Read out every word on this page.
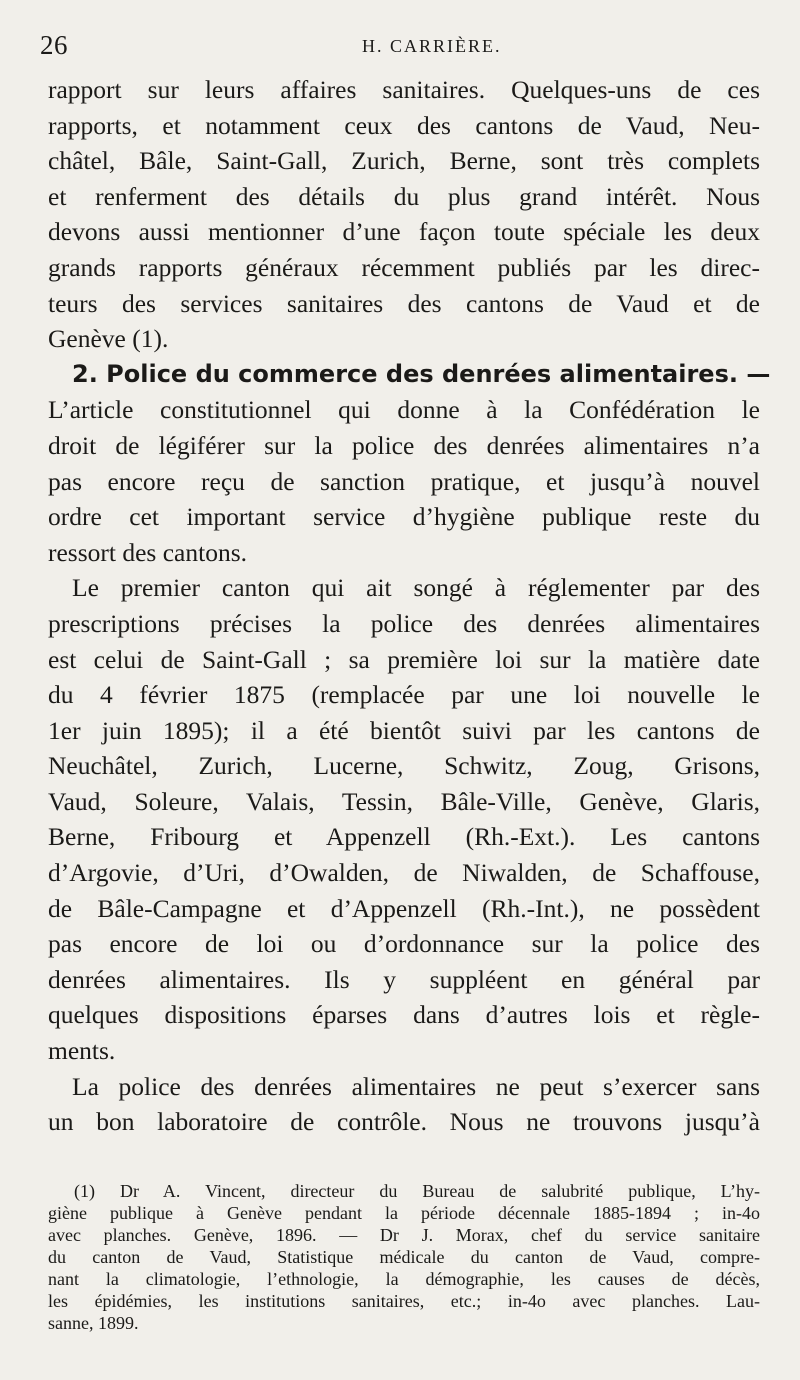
26	H. CARRIÈRE.
rapport sur leurs affaires sanitaires. Quelques-uns de ces
rapports, et notamment ceux des cantons de Vaud, Neu-
châtel, Bâle, Saint-Gall, Zurich, Berne, sont très complets
et renferment des détails du plus grand intérêt. Nous
devons aussi mentionner d’une façon toute spéciale les deux
grands rapports généraux récemment publiés par les direc-
teurs des services sanitaires des cantons de Vaud et de
Genève (1).
2. Police du commerce des denrées alimentaires. —
L’article constitutionnel qui donne à la Confédération le
droit de légiférer sur la police des denrées alimentaires n’a
pas encore reçu de sanction pratique, et jusqu’à nouvel
ordre cet important service d’hygiène publique reste du
ressort des cantons.
Le premier canton qui ait songé à réglementer par des
prescriptions précises la police des denrées alimentaires
est celui de Saint-Gall ; sa première loi sur la matière date
du 4 février 1875 (remplacée par une loi nouvelle le
1er juin 1895); il a été bientôt suivi par les cantons de
Neuchâtel, Zurich, Lucerne, Schwitz, Zoug, Grisons,
Vaud, Soleure, Valais, Tessin, Bâle-Ville, Genève, Glaris,
Berne, Fribourg et Appenzell (Rh.-Ext.). Les cantons
d’Argovie, d’Uri, d’Owalden, de Niwalden, de Schaffouse,
de Bâle-Campagne et d’Appenzell (Rh.-Int.), ne possèdent
pas encore de loi ou d’ordonnance sur la police des
denrées alimentaires. Ils y suppléent en général par
quelques dispositions éparses dans d’autres lois et règle-
ments.
La police des denrées alimentaires ne peut s’exercer sans
un bon laboratoire de contrôle. Nous ne trouvons jusqu’à
(1) Dr A. Vincent, directeur du Bureau de salubrité publique, L’hy-
giène publique à Genève pendant la période décennale 1885-1894 ; in-4o
avec planches. Genève, 1896. — Dr J. Morax, chef du service sanitaire
du canton de Vaud, Statistique médicale du canton de Vaud, compre-
nant la climatologie, l’ethnologie, la démographie, les causes de décès,
les épidémies, les institutions sanitaires, etc.; in-4o avec planches. Lau-
sanne, 1899.
